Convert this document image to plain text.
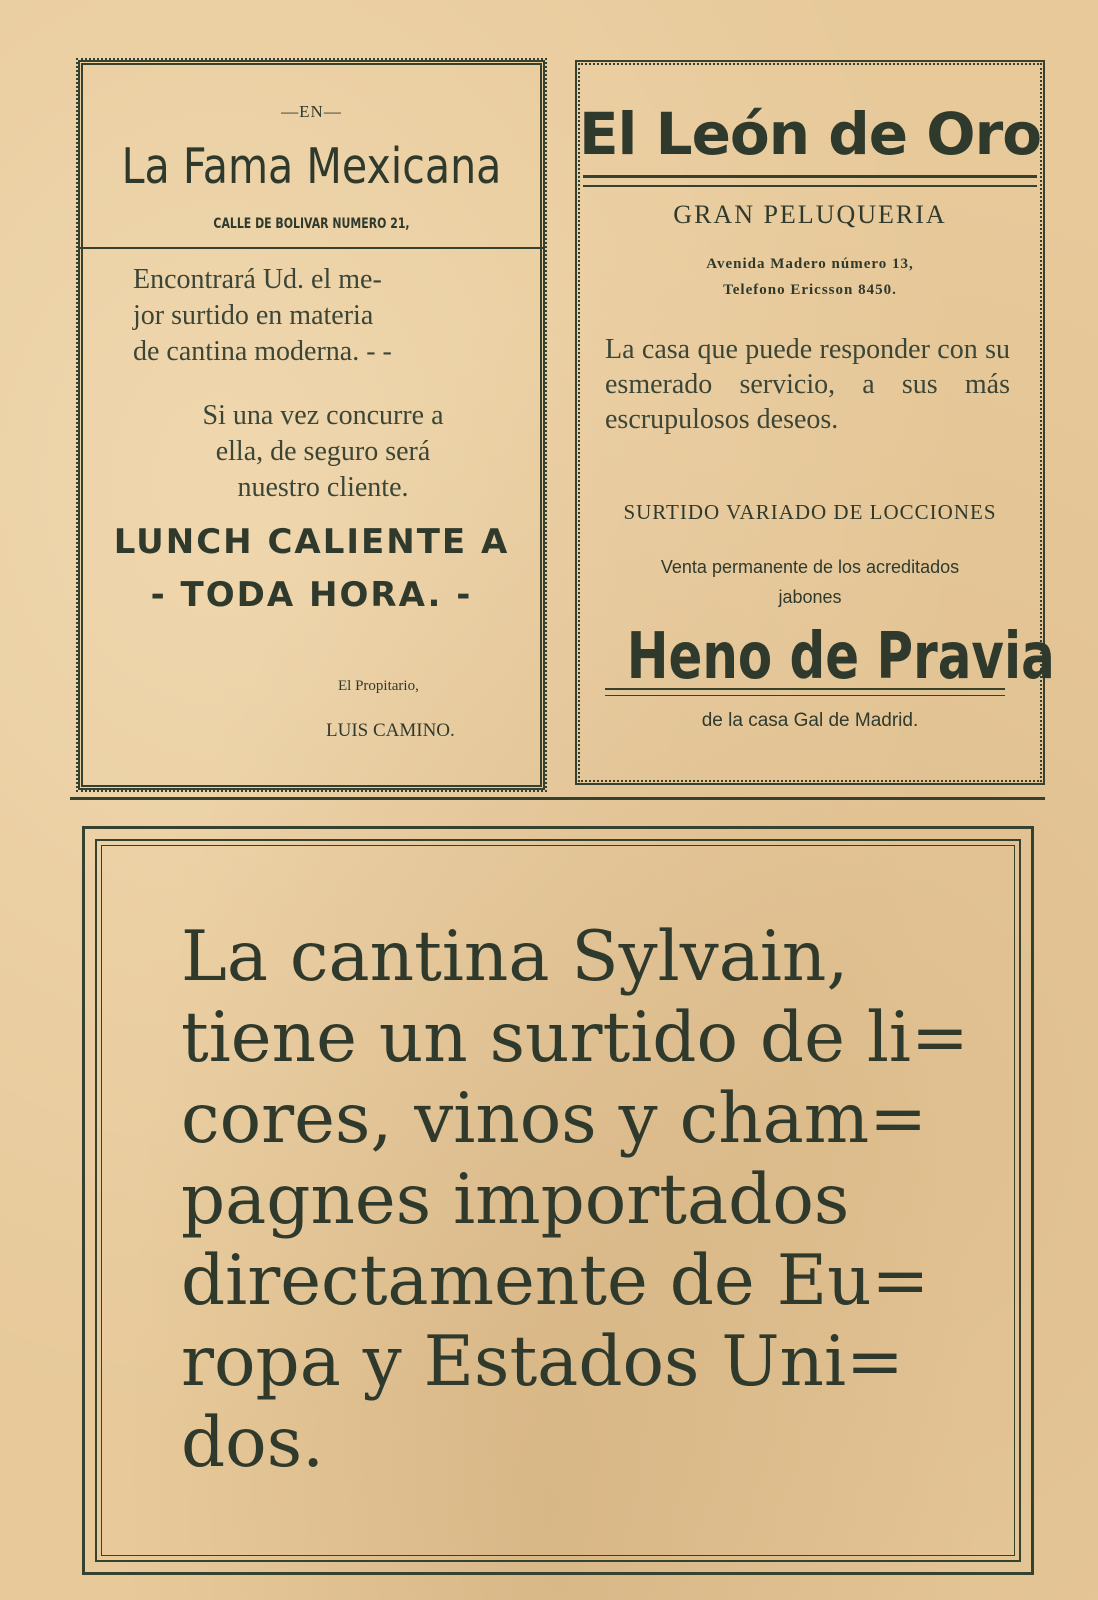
—EN—
La Fama Mexicana
CALLE DE BOLIVAR NUMERO 21,
Encontrará Ud. el me-
jor surtido en materia
de cantina moderna. - -
Si una vez concurre a
ella, de seguro será
nuestro cliente.
LUNCH CALIENTE A
- TODA HORA. -
El Propitario,
LUIS CAMINO.
El León de Oro
GRAN PELUQUERIA
Avenida Madero número 13,
Telefono Ericsson 8450.
La casa que puede responder con su esmerado servicio, a sus más escrupulosos deseos.
SURTIDO VARIADO DE LOCCIONES
Venta permanente de los acreditados
jabones
Heno de Pravia
de la casa Gal de Madrid.
La cantina Sylvain,
tiene un surtido de li=
cores, vinos y cham=
pagnes importados
directamente de Eu=
ropa y Estados Uni=
dos.
